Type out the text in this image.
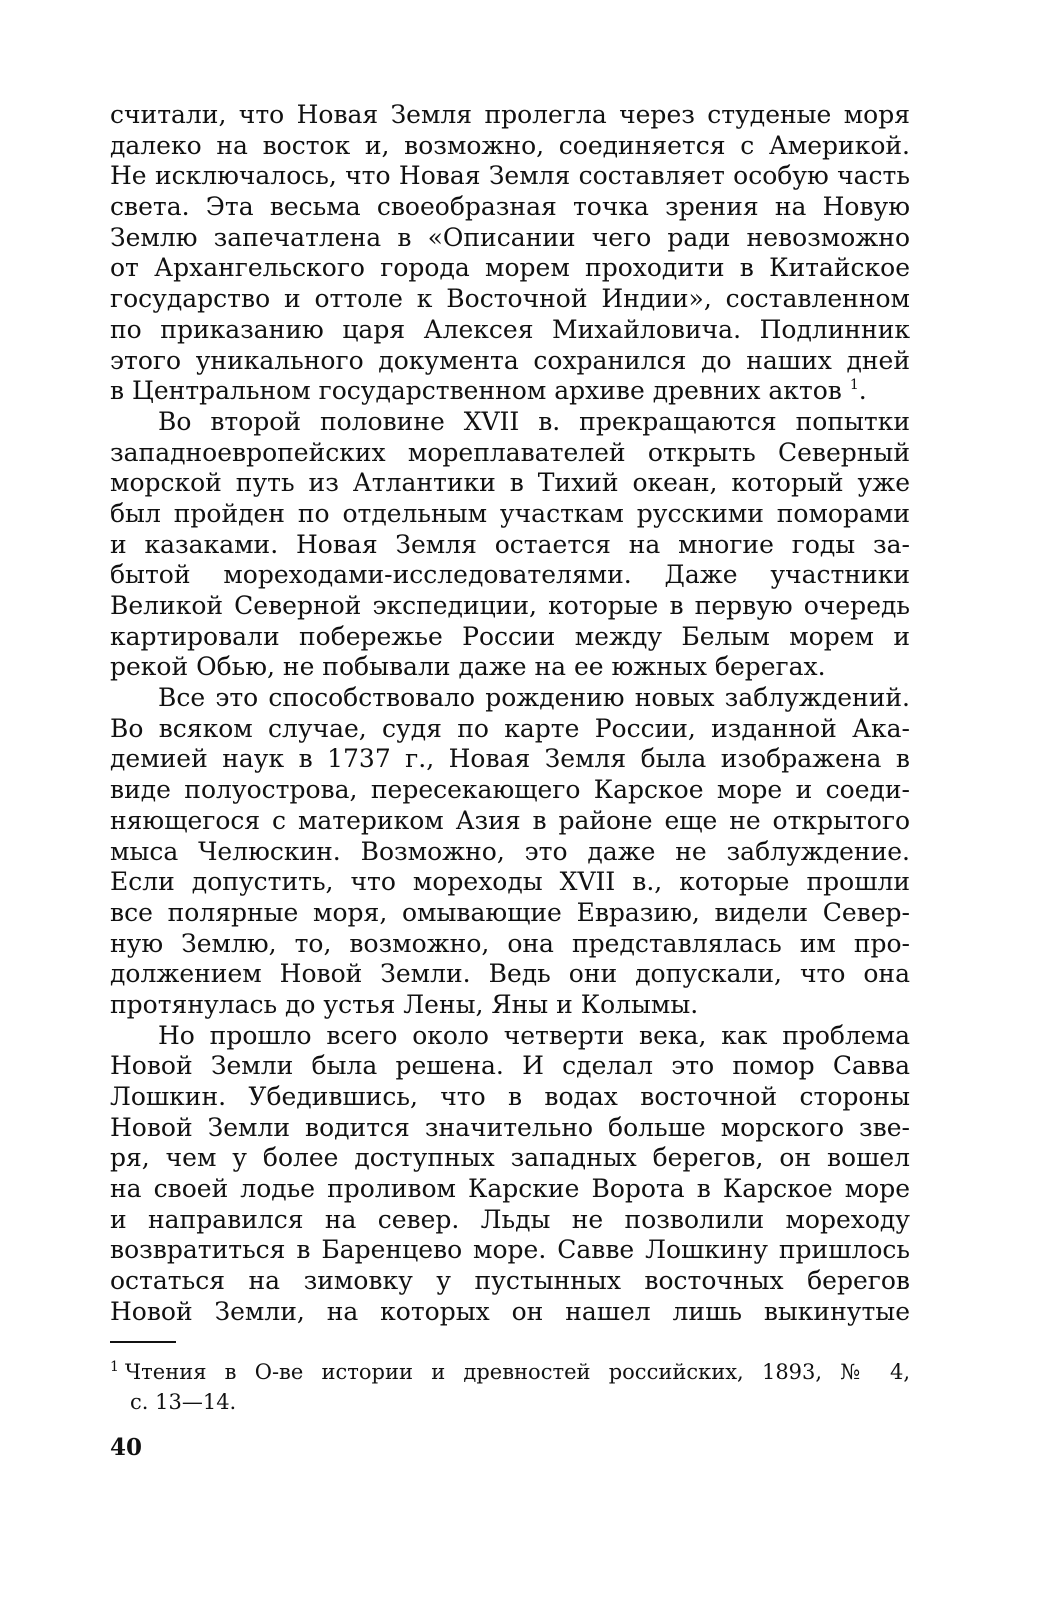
считали, что Новая Земля пролегла через студеные моря
далеко на восток и, возможно, соединяется с Америкой.
Не исключалось, что Новая Земля составляет особую часть
света. Эта весьма своеобразная точка зрения на Новую
Землю запечатлена в «Описании чего ради невозможно
от Архангельского города морем проходити в Китайское
государство и оттоле к Восточной Индии», составленном
по приказанию царя Алексея Михайловича. Подлинник
этого уникального документа сохранился до наших дней
в Центральном государственном архиве древних актов $^1$.
Во второй половине XVII в. прекращаются попытки
западноевропейских мореплавателей открыть Северный
морской путь из Атлантики в Тихий океан, который уже
был пройден по отдельным участкам русскими поморами
и казаками. Новая Земля остается на многие годы за-
бытой мореходами-исследователями. Даже участники
Великой Северной экспедиции, которые в первую очередь
картировали побережье России между Белым морем и
рекой Обью, не побывали даже на ее южных берегах.
Все это способствовало рождению новых заблуждений.
Во всяком случае, судя по карте России, изданной Ака-
демией наук в 1737 г., Новая Земля была изображена в
виде полуострова, пересекающего Карское море и соеди-
няющегося с материком Азия в районе еще не открытого
мыса Челюскин. Возможно, это даже не заблуждение.
Если допустить, что мореходы XVII в., которые прошли
все полярные моря, омывающие Евразию, видели Север-
ную Землю, то, возможно, она представлялась им про-
должением Новой Земли. Ведь они допускали, что она
протянулась до устья Лены, Яны и Колымы.
Но прошло всего около четверти века, как проблема
Новой Земли была решена. И сделал это помор Савва
Лошкин. Убедившись, что в водах восточной стороны
Новой Земли водится значительно больше морского зве-
ря, чем у более доступных западных берегов, он вошел
на своей лодье проливом Карские Ворота в Карское море
и направился на север. Льды не позволили мореходу
возвратиться в Баренцево море. Савве Лошкину пришлось
остаться на зимовку у пустынных восточных берегов
Новой Земли, на которых он нашел лишь выкинутые
$^1$ Чтения в О-ве истории и древностей российских, 1893, № 4,
с. 13—14.
40
